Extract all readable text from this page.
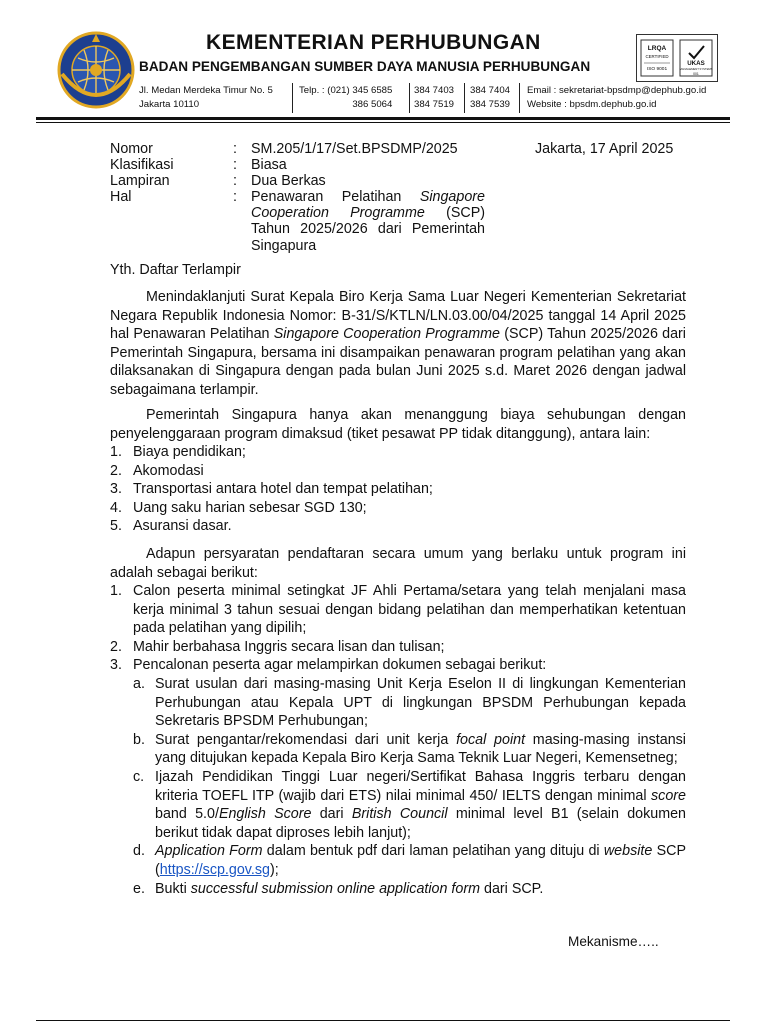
KEMENTERIAN PERHUBUNGAN
BADAN PENGEMBANGAN SUMBER DAYA MANUSIA PERHUBUNGAN
Jl. Medan Merdeka Timur No. 5
Jakarta 10110
Telp. : (021) 345 6585
386 5064
384 7403
384 7519
384 7404
384 7539
Email : sekretariat-bpsdmp@dephub.go.id
Website : bpsdm.dephub.go.id
LRQA
CERTIFIED
ISO 9001
UKAS
MANAGEMENT SYSTEMS
001
Nomor	: SM.205/1/17/Set.BPSDMP/2025	Jakarta, 17 April 2025
Klasifikasi	: Biasa
Lampiran	: Dua Berkas
Hal	: Penawaran Pelatihan Singapore Cooperation Programme (SCP) Tahun 2025/2026 dari Pemerintah Singapura
Yth. Daftar Terlampir

Menindaklanjuti Surat Kepala Biro Kerja Sama Luar Negeri Kementerian Sekretariat Negara Republik Indonesia Nomor: B-31/S/KTLN/LN.03.00/04/2025 tanggal 14 April 2025 hal Penawaran Pelatihan Singapore Cooperation Programme (SCP) Tahun 2025/2026 dari Pemerintah Singapura, bersama ini disampaikan penawaran program pelatihan yang akan dilaksanakan di Singapura dengan pada bulan Juni 2025 s.d. Maret 2026 dengan jadwal sebagaimana terlampir.

Pemerintah Singapura hanya akan menanggung biaya sehubungan dengan penyelenggaraan program dimaksud (tiket pesawat PP tidak ditanggung), antara lain:

1. Biaya pendidikan;
2. Akomodasi
3. Transportasi antara hotel dan tempat pelatihan;
4. Uang saku harian sebesar SGD 130;
5. Asuransi dasar.

Adapun persyaratan pendaftaran secara umum yang berlaku untuk program ini adalah sebagai berikut:

1. Calon peserta minimal setingkat JF Ahli Pertama/setara yang telah menjalani masa kerja minimal 3 tahun sesuai dengan bidang pelatihan dan memperhatikan ketentuan pada pelatihan yang dipilih;
2. Mahir berbahasa Inggris secara lisan dan tulisan;
3. Pencalonan peserta agar melampirkan dokumen sebagai berikut:
a. Surat usulan dari masing-masing Unit Kerja Eselon II di lingkungan Kementerian Perhubungan atau Kepala UPT di lingkungan BPSDM Perhubungan kepada Sekretaris BPSDM Perhubungan;
b. Surat pengantar/rekomendasi dari unit kerja focal point masing-masing instansi yang ditujukan kepada Kepala Biro Kerja Sama Teknik Luar Negeri, Kemensetneg;
c. Ijazah Pendidikan Tinggi Luar negeri/Sertifikat Bahasa Inggris terbaru dengan kriteria TOEFL ITP (wajib dari ETS) nilai minimal 450/ IELTS dengan minimal score band 5.0/English Score dari British Council minimal level B1 (selain dokumen berikut tidak dapat diproses lebih lanjut);
d. Application Form dalam bentuk pdf dari laman pelatihan yang dituju di website SCP (https://scp.gov.sg);
e. Bukti successful submission online application form dari SCP.
Mekanisme…..
